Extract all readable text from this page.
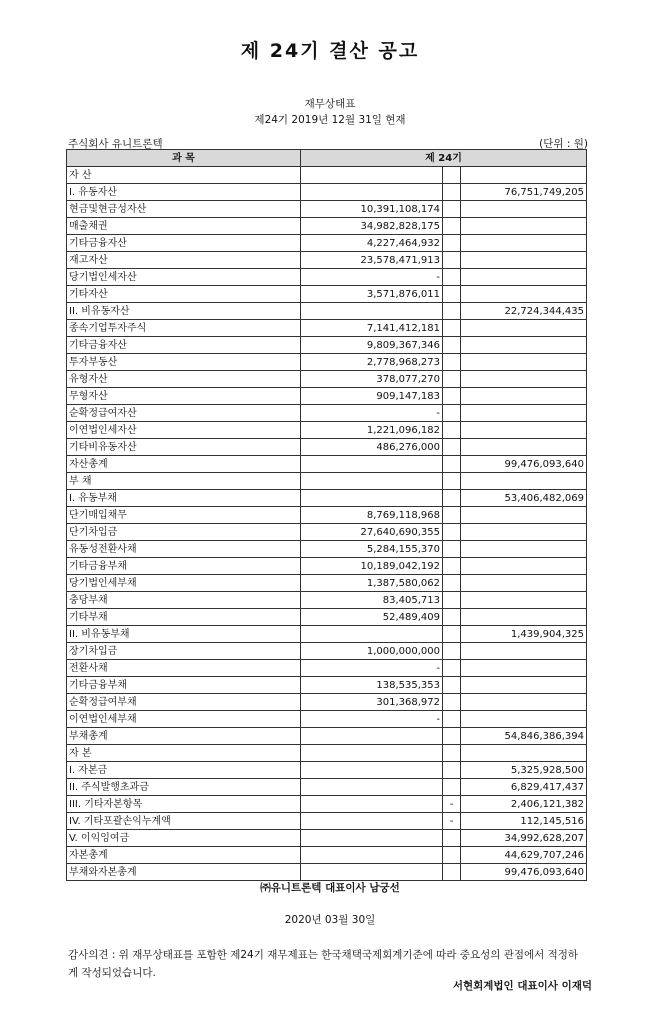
제 24기 결산 공고
재무상태표
제24기 2019년 12월 31일 현재
주식회사 유니트론텍	(단위 : 원)
과 목	제 24기		
자 산			
I. 유동자산			76,751,749,205
현금및현금성자산	10,391,108,174		
매출채권	34,982,828,175		
기타금융자산	4,227,464,932		
재고자산	23,578,471,913		
당기법인세자산	-		
기타자산	3,571,876,011		
II. 비유동자산			22,724,344,435
종속기업투자주식	7,141,412,181		
기타금융자산	9,809,367,346		
투자부동산	2,778,968,273		
유형자산	378,077,270		
무형자산	909,147,183		
순확정급여자산	-		
이연법인세자산	1,221,096,182		
기타비유동자산	486,276,000		
자산총계			99,476,093,640
부 채			
I. 유동부채			53,406,482,069
단기매입채무	8,769,118,968		
단기차입금	27,640,690,355		
유동성전환사채	5,284,155,370		
기타금융부채	10,189,042,192		
당기법인세부채	1,387,580,062		
충당부채	83,405,713		
기타부채	52,489,409		
II. 비유동부채			1,439,904,325
장기차입금	1,000,000,000		
전환사채	-		
기타금융부채	138,535,353		
순확정급여부채	301,368,972		
이연법인세부채	-		
부채총계			54,846,386,394
자 본			
I. 자본금			5,325,928,500
II. 주식발행초과금			6,829,417,437
III. 기타자본항목		-	2,406,121,382
IV. 기타포괄손익누계액		-	112,145,516
V. 이익잉여금			34,992,628,207
자본총계			44,629,707,246
부채와자본총계			99,476,093,640
㈜유니트론텍 대표이사 남궁선
2020년 03월 30일
감사의견 : 위 재무상태표를 포함한 제24기 재무제표는 한국채택국제회계기준에 따라 중요성의 관점에서 적정하게 작성되었습니다.
서현회계법인 대표이사 이재덕
